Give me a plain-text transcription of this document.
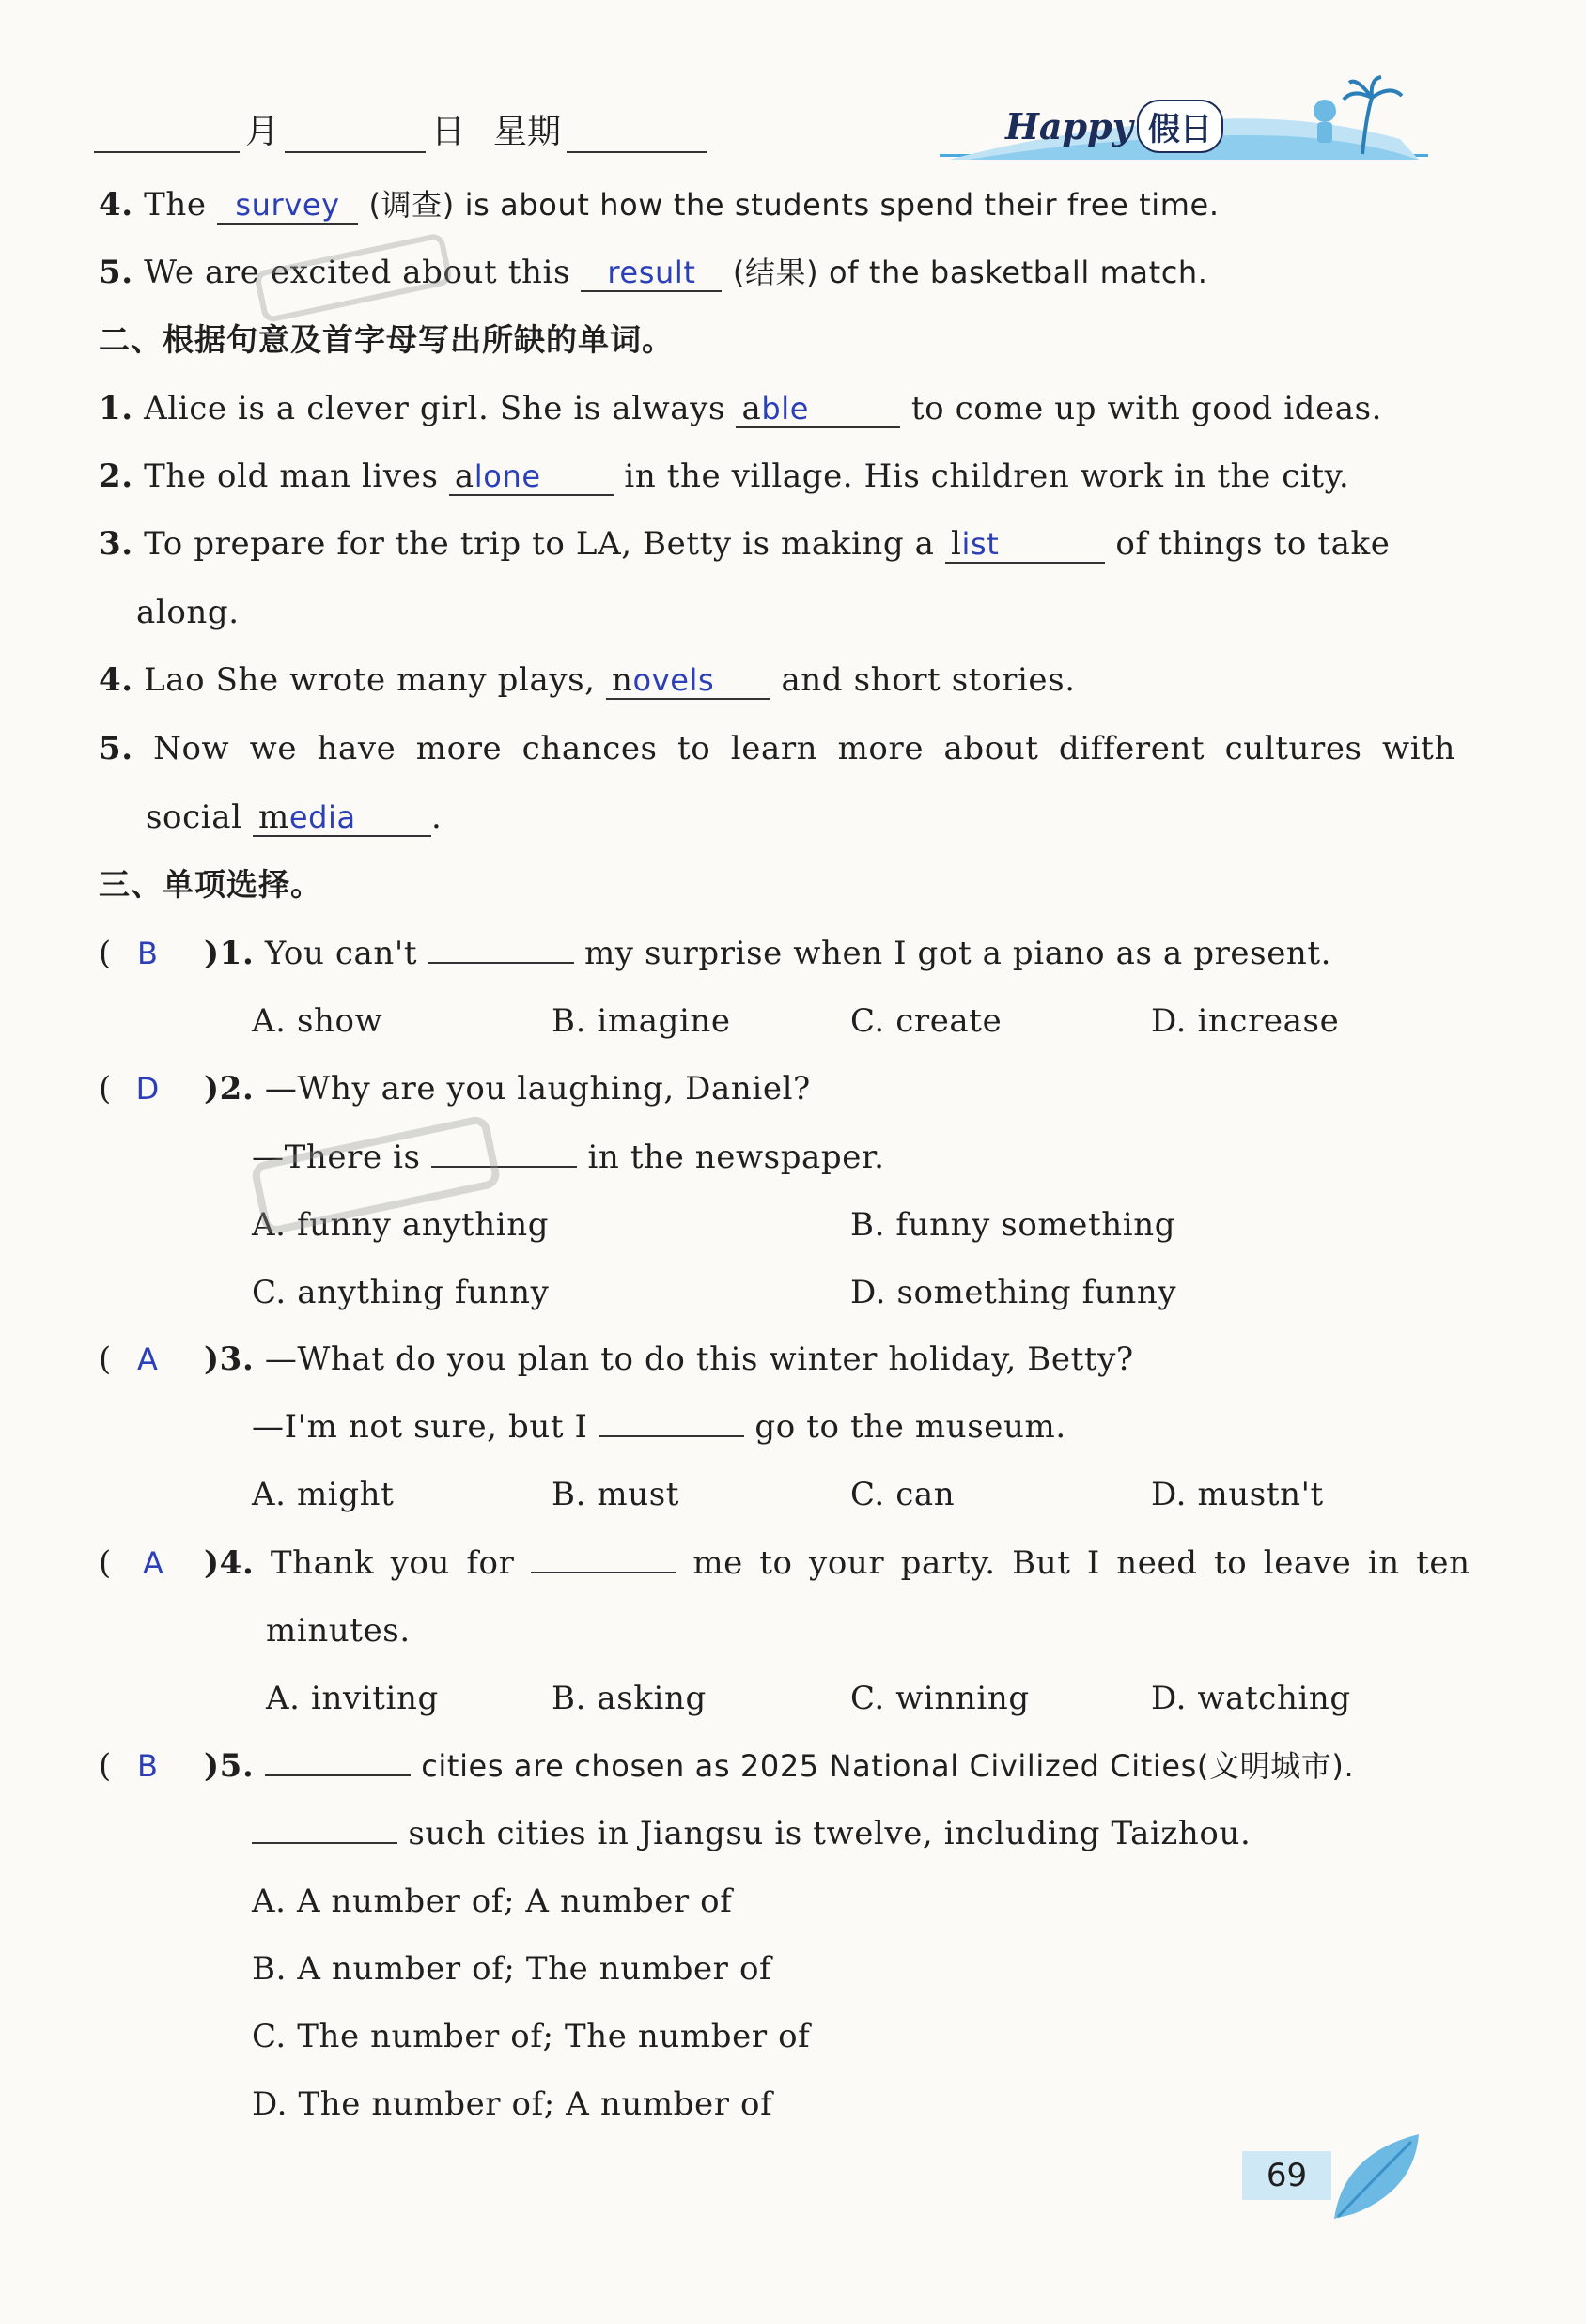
月	日 星期	Happy 假日
4. The survey (调查) is about how the students spend their free time.
5. We are excited about this result (结果) of the basketball match.
二、根据句意及首字母写出所缺的单词。
1. Alice is a clever girl. She is always able	to come up with good ideas.
2. The old man lives alone	in the village. His children work in the city.
3. To prepare for the trip to LA, Betty is making a list	of things to take
along.
4. Lao She wrote many plays, novels and short stories.
5. Now we have more chances to learn more about different cultures with
social media .
三、单项选择。
( B )1. You can't	my surprise when I got a piano as a present.
A. show	B. imagine	C. create	D. increase
( D )2. —Why are you laughing, Daniel?
—There is	in the newspaper.
A. funny anything	B. funny something
C. anything funny	D. something funny
( A )3. —What do you plan to do this winter holiday, Betty?
—I'm not sure, but I	go to the museum.
A. might	B. must	C. can	D. mustn't
( A )4. Thank you for	me to your party. But I need to leave in ten
minutes.
A. inviting	B. asking	C. winning	D. watching
( B )5.	cities are chosen as 2025 National Civilized Cities(文明城市).
such cities in Jiangsu is twelve, including Taizhou.
A. A number of; A number of
B. A number of; The number of
C. The number of; The number of
D. The number of; A number of
69
